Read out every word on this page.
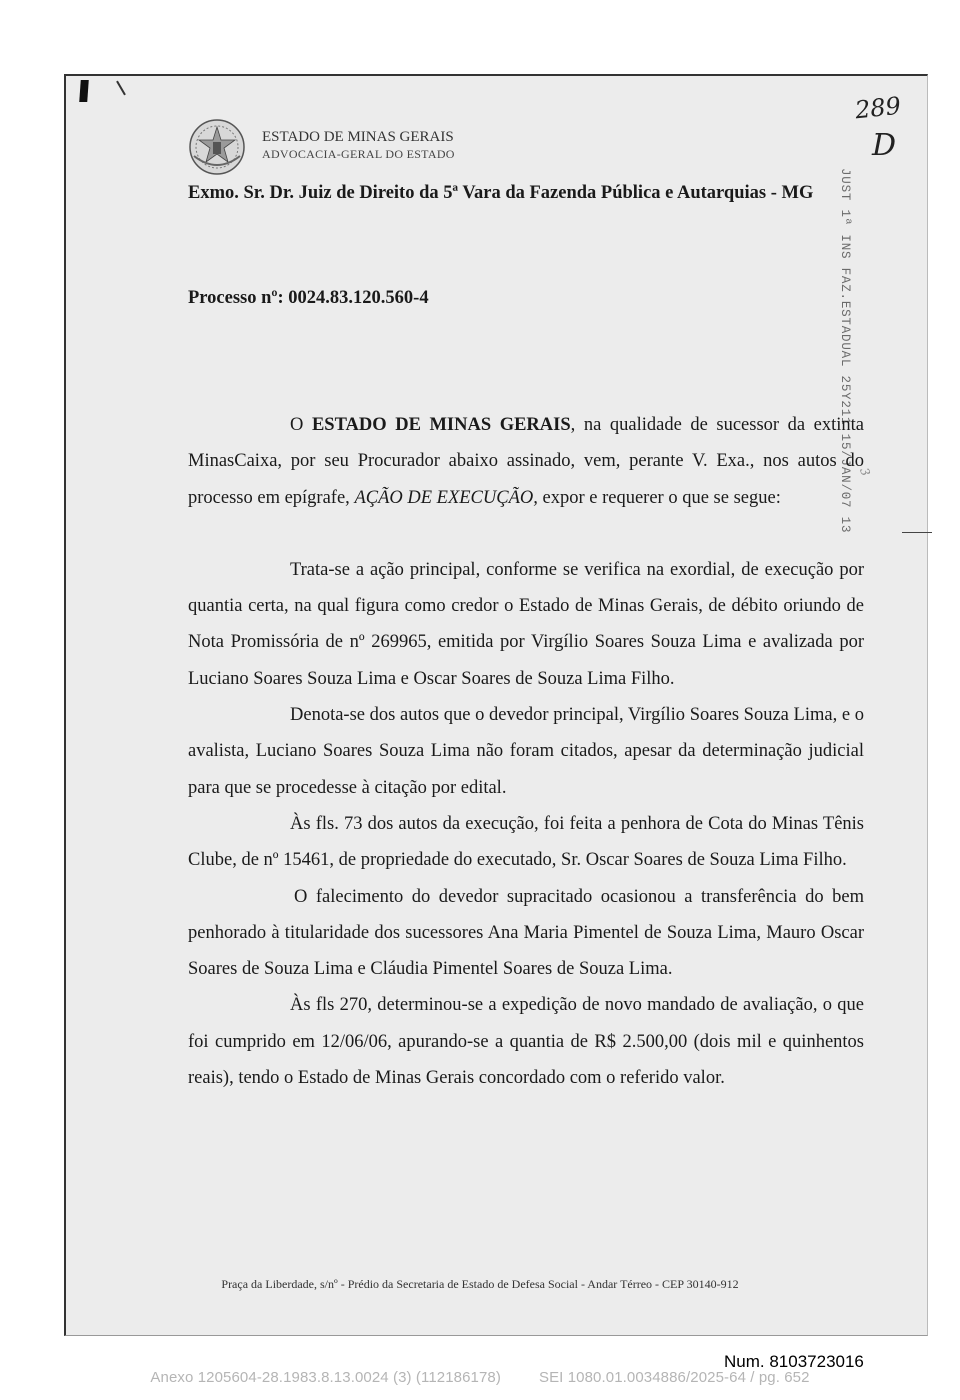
ESTADO DE MINAS GERAIS
ADVOCACIA-GERAL DO ESTADO
289
D
JUST 1ª INS FAZ.ESTADUAL 25Y211 15/JAN/07 13 3
Exmo. Sr. Dr. Juiz de Direito da 5ª Vara da Fazenda Pública e Autarquias - MG
Processo nº: 0024.83.120.560-4

O ESTADO DE MINAS GERAIS, na qualidade de sucessor da extinta MinasCaixa, por seu Procurador abaixo assinado, vem, perante V. Exa., nos autos do processo em epígrafe, AÇÃO DE EXECUÇÃO, expor e requerer o que se segue:

Trata-se a ação principal, conforme se verifica na exordial, de execução por quantia certa, na qual figura como credor o Estado de Minas Gerais, de débito oriundo de Nota Promissória de nº 269965, emitida por Virgílio Soares Souza Lima e avalizada por Luciano Soares Souza Lima e Oscar Soares de Souza Lima Filho.

Denota-se dos autos que o devedor principal, Virgílio Soares Souza Lima, e o avalista, Luciano Soares Souza Lima não foram citados, apesar da determinação judicial para que se procedesse à citação por edital.

Às fls. 73 dos autos da execução, foi feita a penhora de Cota do Minas Tênis Clube, de nº 15461, de propriedade do executado, Sr. Oscar Soares de Souza Lima Filho.

O falecimento do devedor supracitado ocasionou a transferência do bem penhorado à titularidade dos sucessores Ana Maria Pimentel de Souza Lima, Mauro Oscar Soares de Souza Lima e Cláudia Pimentel Soares de Souza Lima.

Às fls 270, determinou-se a expedição de novo mandado de avaliação, o que foi cumprido em 12/06/06, apurando-se a quantia de R$ 2.500,00 (dois mil e quinhentos reais), tendo o Estado de Minas Gerais concordado com o referido valor.

Praça da Liberdade, s/nº - Prédio da Secretaria de Estado de Defesa Social - Andar Térreo - CEP 30140-912
Num. 8103723016
Anexo 1205604-28.1983.8.13.0024 (3) (112186178)	SEI 1080.01.0034886/2025-64 / pg. 652
